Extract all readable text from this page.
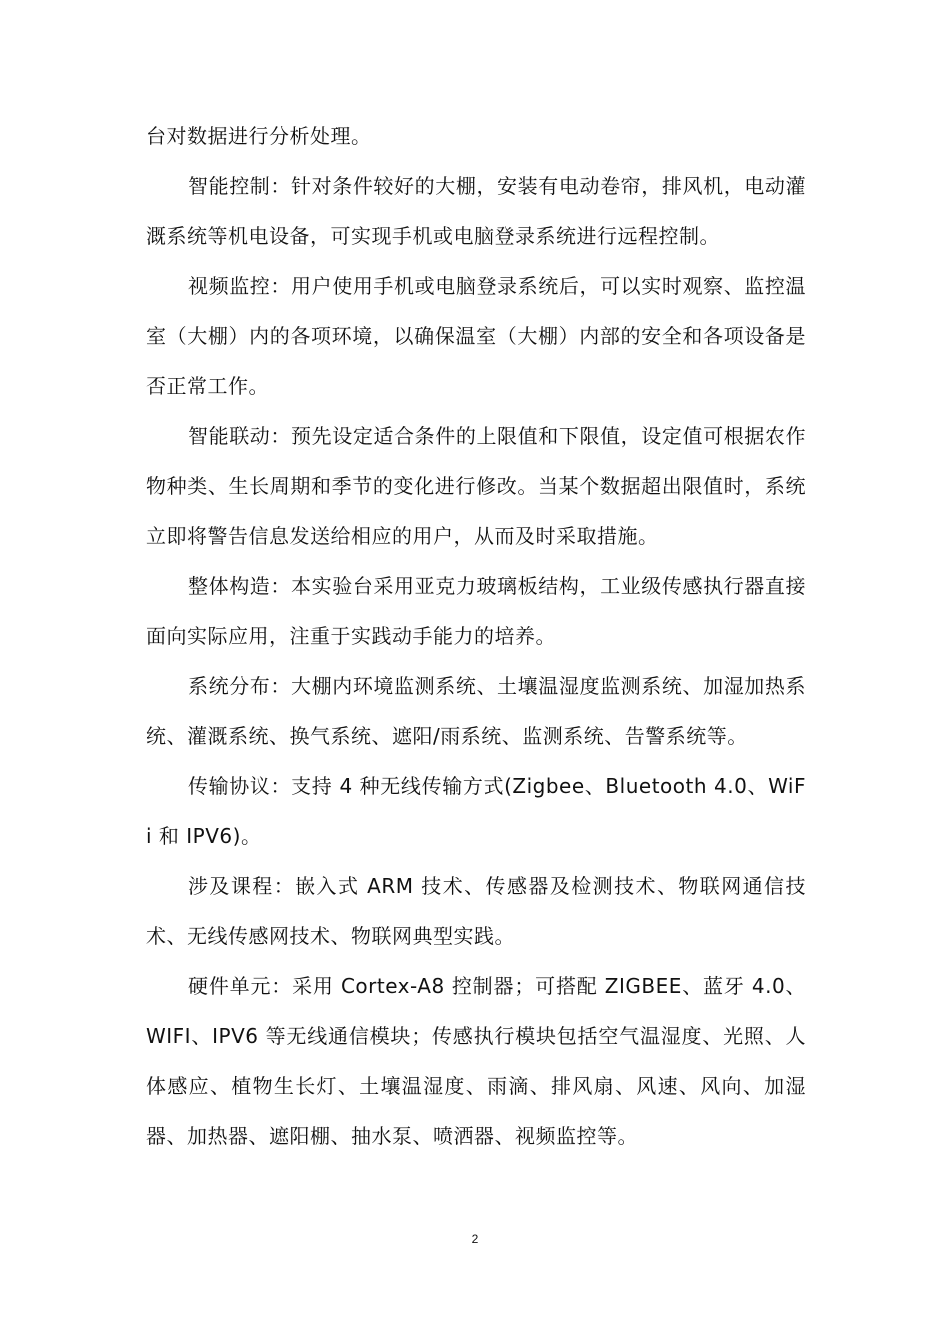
台对数据进行分析处理。

智能控制：针对条件较好的大棚，安装有电动卷帘，排风机，电动灌溉系统等机电设备，可实现手机或电脑登录系统进行远程控制。

视频监控：用户使用手机或电脑登录系统后，可以实时观察、监控温室（大棚）内的各项环境，以确保温室（大棚）内部的安全和各项设备是否正常工作。

智能联动：预先设定适合条件的上限值和下限值，设定值可根据农作物种类、生长周期和季节的变化进行修改。当某个数据超出限值时，系统立即将警告信息发送给相应的用户，从而及时采取措施。

整体构造：本实验台采用亚克力玻璃板结构，工业级传感执行器直接面向实际应用，注重于实践动手能力的培养。

系统分布：大棚内环境监测系统、土壤温湿度监测系统、加湿加热系统、灌溉系统、换气系统、遮阳/雨系统、监测系统、告警系统等。

传输协议：支持 4 种无线传输方式(Zigbee、Bluetooth 4.0、WiFi 和 IPV6)。

涉及课程：嵌入式 ARM 技术、传感器及检测技术、物联网通信技术、无线传感网技术、物联网典型实践。

硬件单元：采用 Cortex-A8 控制器；可搭配 ZIGBEE、蓝牙 4.0、WIFI、IPV6 等无线通信模块；传感执行模块包括空气温湿度、光照、人体感应、植物生长灯、土壤温湿度、雨滴、排风扇、风速、风向、加湿器、加热器、遮阳棚、抽水泵、喷洒器、视频监控等。

2
